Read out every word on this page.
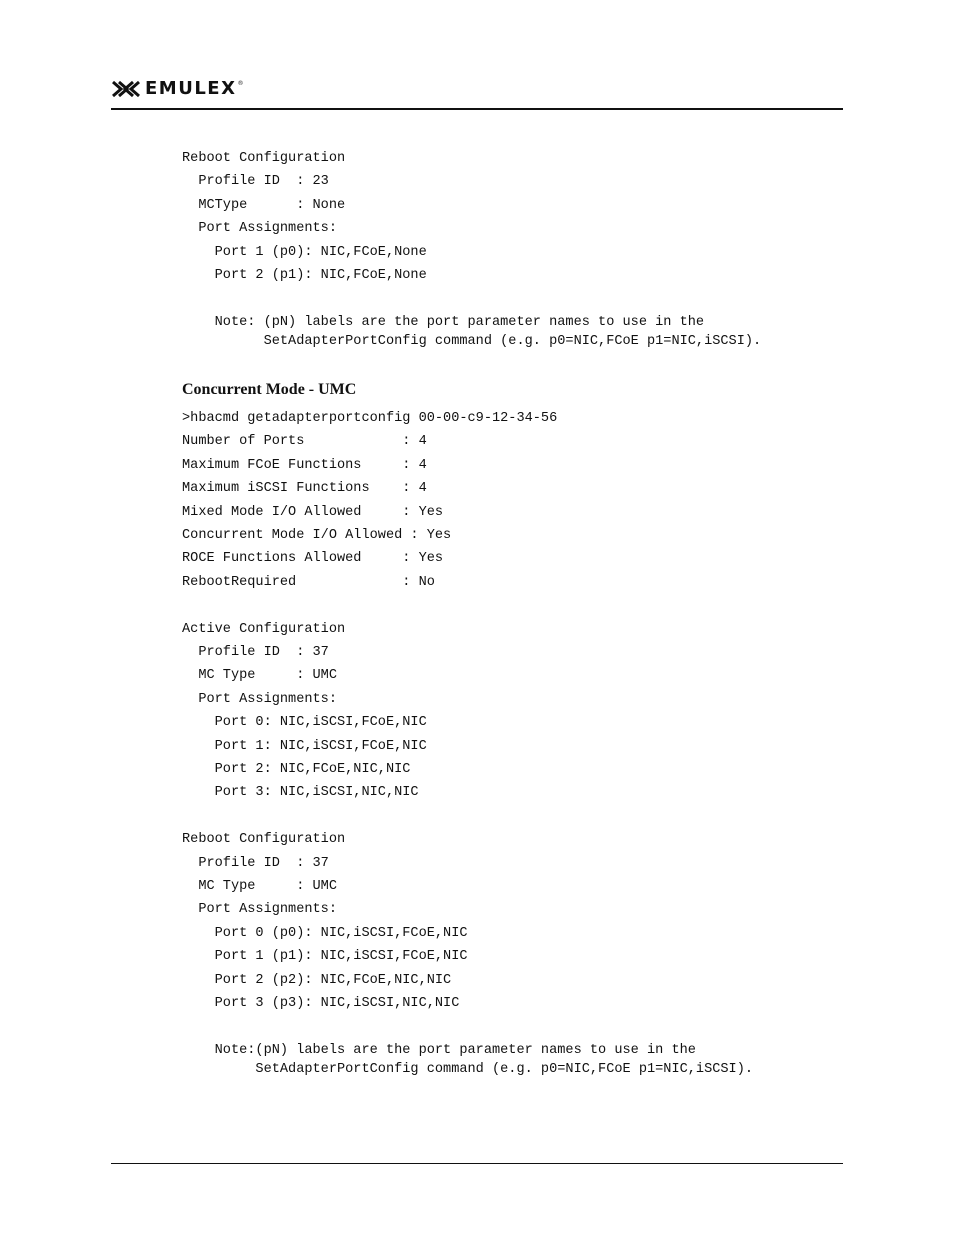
EMULEX ®
Reboot Configuration
Profile ID  : 23
MCType      : None
Port Assignments:
Port 1 (p0): NIC,FCoE,None
Port 2 (p1): NIC,FCoE,None
Note: (pN) labels are the port parameter names to use in the
SetAdapterPortConfig command (e.g. p0=NIC,FCoE p1=NIC,iSCSI).
Concurrent Mode - UMC
>hbacmd getadapterportconfig 00-00-c9-12-34-56
Number of Ports            : 4
Maximum FCoE Functions     : 4
Maximum iSCSI Functions    : 4
Mixed Mode I/O Allowed     : Yes
Concurrent Mode I/O Allowed : Yes
ROCE Functions Allowed     : Yes
RebootRequired             : No
Active Configuration
Profile ID  : 37
MC Type     : UMC
Port Assignments:
Port 0: NIC,iSCSI,FCoE,NIC
Port 1: NIC,iSCSI,FCoE,NIC
Port 2: NIC,FCoE,NIC,NIC
Port 3: NIC,iSCSI,NIC,NIC
Reboot Configuration
Profile ID  : 37
MC Type     : UMC
Port Assignments:
Port 0 (p0): NIC,iSCSI,FCoE,NIC
Port 1 (p1): NIC,iSCSI,FCoE,NIC
Port 2 (p2): NIC,FCoE,NIC,NIC
Port 3 (p3): NIC,iSCSI,NIC,NIC
Note:(pN) labels are the port parameter names to use in the
SetAdapterPortConfig command (e.g. p0=NIC,FCoE p1=NIC,iSCSI).
